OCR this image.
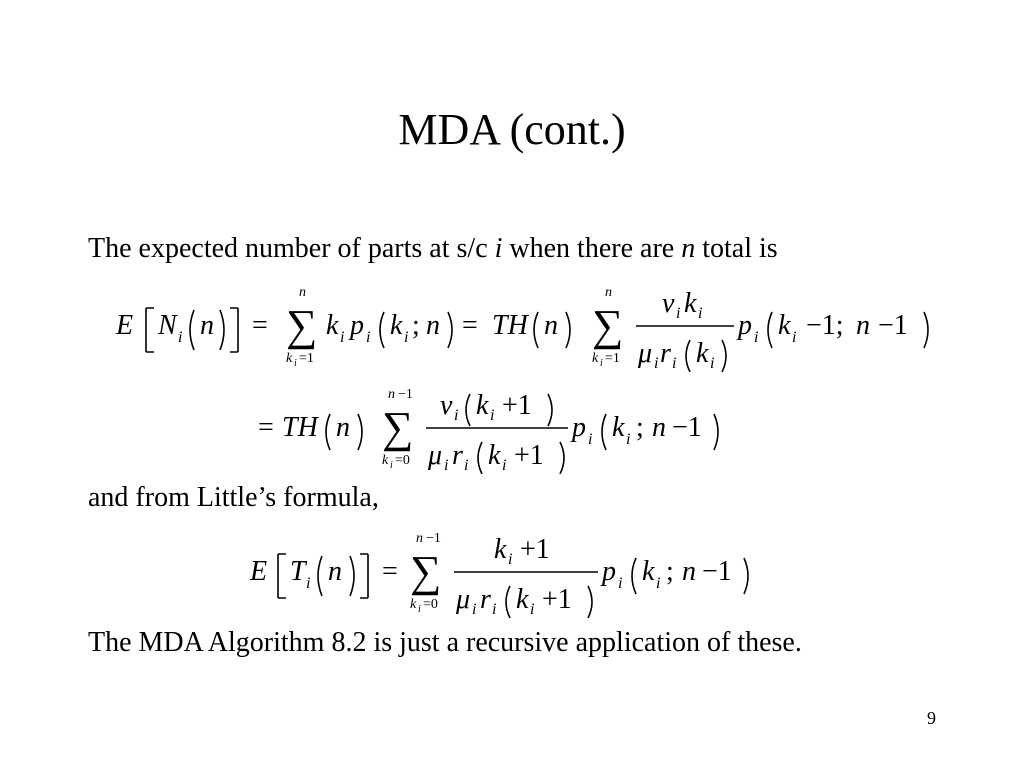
MDA (cont.)
The expected number of parts at s/c i when there are n total is
E N i n = ∑
n
k i =1
k i p i k i ; n = TH n ∑
n
k i =1
v i k i
μ i r i k i
p i k i −1; n −1
= TH n ∑
n −1
k i =0
v i k i +1
μ i r i k i +1
p i k i ; n −1
and from Little’s formula,
E T i n = ∑
n −1
k i =0
k i +1
μ i r i k i +1
p i k i ; n −1
The MDA Algorithm 8.2 is just a recursive application of these.
9
